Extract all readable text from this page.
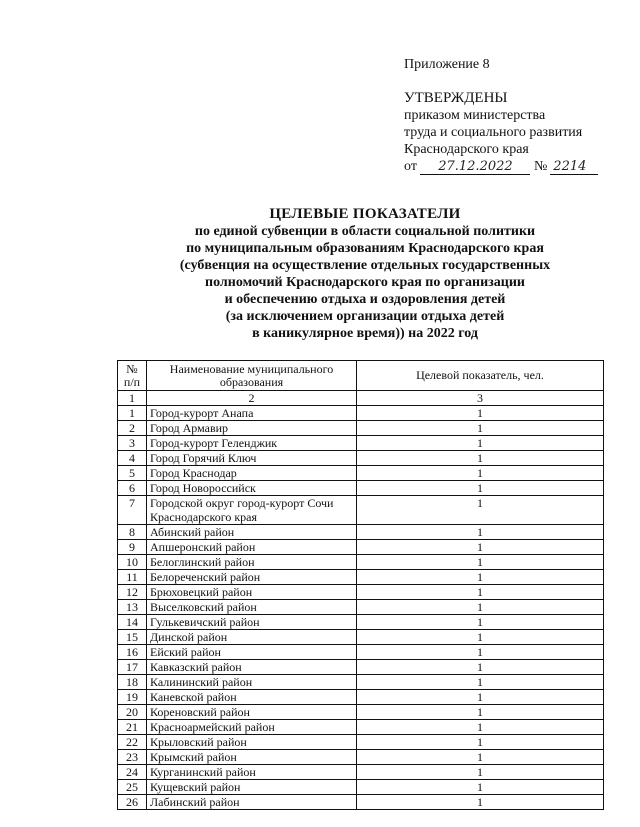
Приложение 8
УТВЕРЖДЕНЫ
приказом министерства
труда и социального развития
Краснодарского края
от 27.12.2022 № 2214
ЦЕЛЕВЫЕ ПОКАЗАТЕЛИ
по единой субвенции в области социальной политики
по муниципальным образованиям Краснодарского края
(субвенция на осуществление отдельных государственных
полномочий Краснодарского края по организации
и обеспечению отдыха и оздоровления детей
(за исключением организации отдыха детей
в каникулярное время)) на 2022 год
№ п/п	Наименование муниципального образования	Целевой показатель, чел.
1	2	3
1	Город-курорт Анапа	1
2	Город Армавир	1
3	Город-курорт Геленджик	1
4	Город Горячий Ключ	1
5	Город Краснодар	1
6	Город Новороссийск	1
7	Городской округ город-курорт Сочи Краснодарского края	1
8	Абинский район	1
9	Апшеронский район	1
10	Белоглинский район	1
11	Белореченский район	1
12	Брюховецкий район	1
13	Выселковский район	1
14	Гулькевичский район	1
15	Динской район	1
16	Ейский район	1
17	Кавказский район	1
18	Калининский район	1
19	Каневской район	1
20	Кореновский район	1
21	Красноармейский район	1
22	Крыловский район	1
23	Крымский район	1
24	Курганинский район	1
25	Кущевский район	1
26	Лабинский район	1
